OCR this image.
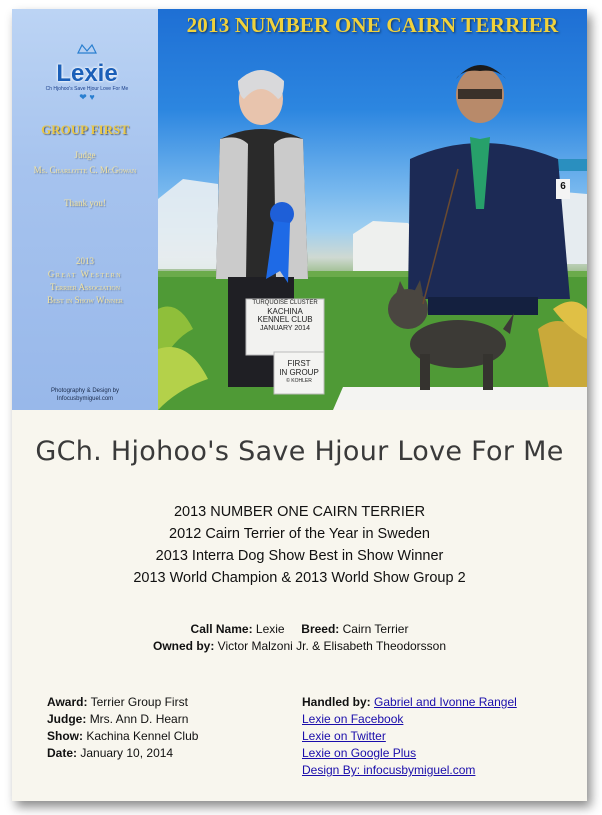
Lexie
Ch Hjohoo's Save Hjour Love For Me
❤ ♥
GROUP FIRST
Judge
Ms. Charlotte C. McGowan
Thank you!
2013
Great Western
Terrier Association
Best in Show Winner
Photography & Design by
Infocusbymiguel.com
2013 NUMBER ONE CAIRN TERRIER
TURQUOISE CLUSTER
KACHINA
KENNEL CLUB
JANUARY 2014
FIRST
IN GROUP
© KOHLER
6
GCh. Hjohoo's Save Hjour Love For Me
2013 NUMBER ONE CAIRN TERRIER
2012 Cairn Terrier of the Year in Sweden
2013 Interra Dog Show Best in Show Winner
2013 World Champion & 2013 World Show Group 2
Call Name: Lexie Breed: Cairn Terrier
Owned by: Victor Malzoni Jr. & Elisabeth Theodorsson
Award: Terrier Group First
Judge: Mrs. Ann D. Hearn
Show: Kachina Kennel Club
Date: January 10, 2014
Handled by: Gabriel and Ivonne Rangel
Lexie on Facebook
Lexie on Twitter
Lexie on Google Plus
Design By: infocusbymiguel.com
